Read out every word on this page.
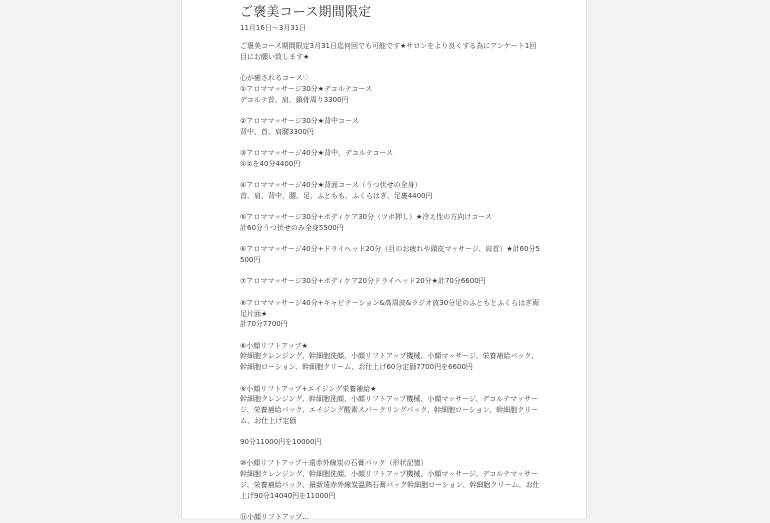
ご褒美コース期間限定
11月16日〜3月31日

ご褒美コース期間限定3月31日迄何回でも可能です★サロンをより良くする為にアンケート1回目にお願い致します★

心が癒されるコース♡
①アロママッサージ30分★デコルテコース
デコルテ首、肩、鎖骨周り3300円

②アロママッサージ30分★背中コース
背中、首、肩腰3300円

③アロママッサージ40分★背中、デコルテコース
①②を40分4400円

④アロママッサージ40分★背面コース（うつ伏せの全身）
首、肩、背中、腰、足、ふともも、ふくらはぎ、足裏4400円

⑤アロママッサージ30分+ボディケア30分（ツボ押し）★冷え性の方向けコース
計60分うつ伏せのみ全身5500円

⑥アロママッサージ40分+ドライヘッド20分（目のお疲れや頭皮マッサージ、肩首）★計60分5500円

⑦アロママッサージ30分+ボディケア20分ドライヘッド20分★計70分6600円

⑧アロママッサージ40分+キャビテーション&高周波&ラジオ波30分足のふともとふくらはぎ両足片面★
計70分7700円

⑧小顔リフトアップ★
幹細胞クレンジング、幹細胞洗顔、小顔リフトアップ機械、小顔マッサージ、栄養補給パック、幹細胞ローション、幹細胞クリーム、お仕上げ60分定価7700円を6600円

⑨小顔リフトアップ+エイジング栄養補給★
幹細胞クレンジング、幹細胞洗顔、小顔リフトアップ機械、小顔マッサージ、デコルテマッサージ、栄養補給パック、エイジング酸素スパークリングパック、幹細胞ローション、幹細胞クリーム、お仕上げ定価

90分11000円を10000円

⑩小顔リフトアップ＋遠赤外線炭の石膏パック（形状記憶）
幹細胞クレンジング、幹細胞洗顔、小顔リフトアップ機械、小顔マッサージ、デコルテマッサージ、栄養補給パック、最新遠赤外線炭温熱石膏パック幹細胞ローション、幹細胞クリーム、お仕上げ90分14040円を11000円

⑪小顔リフトアップ...
